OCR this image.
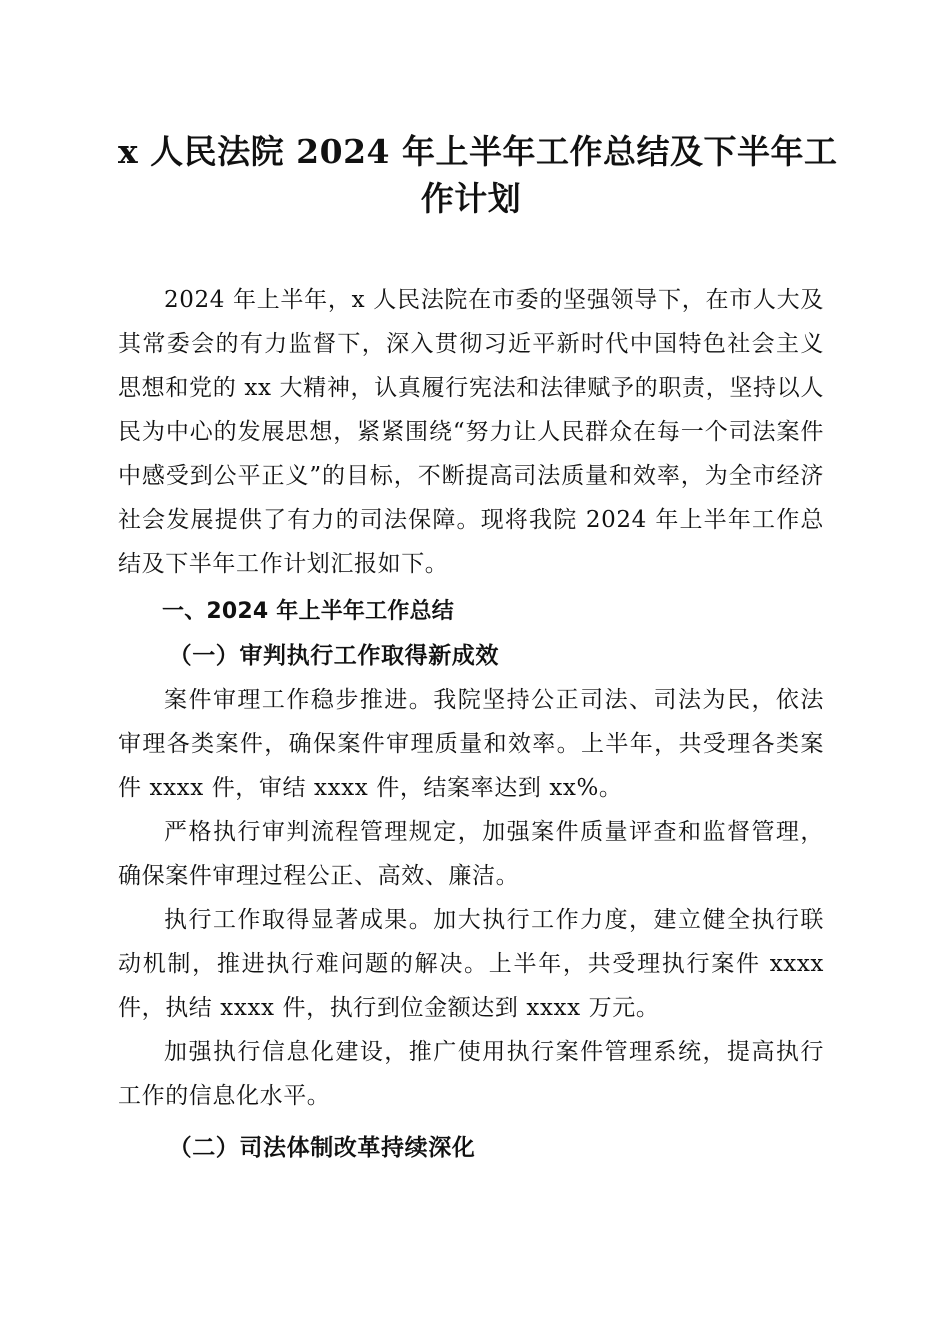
x 人民法院 2024 年上半年工作总结及下半年工
作计划

2024 年上半年，x 人民法院在市委的坚强领导下，在市人大及其常委会的有力监督下，深入贯彻习近平新时代中国特色社会主义思想和党的 xx 大精神，认真履行宪法和法律赋予的职责，坚持以人民为中心的发展思想，紧紧围绕“努力让人民群众在每一个司法案件中感受到公平正义”的目标，不断提高司法质量和效率，为全市经济社会发展提供了有力的司法保障。现将我院 2024 年上半年工作总结及下半年工作计划汇报如下。

一、2024 年上半年工作总结

（一）审判执行工作取得新成效

案件审理工作稳步推进。我院坚持公正司法、司法为民，依法审理各类案件，确保案件审理质量和效率。上半年，共受理各类案件 xxxx 件，审结 xxxx 件，结案率达到 xx%。

严格执行审判流程管理规定，加强案件质量评查和监督管理，确保案件审理过程公正、高效、廉洁。

执行工作取得显著成果。加大执行工作力度，建立健全执行联动机制，推进执行难问题的解决。上半年，共受理执行案件 xxxx 件，执结 xxxx 件，执行到位金额达到 xxxx 万元。

加强执行信息化建设，推广使用执行案件管理系统，提高执行工作的信息化水平。

（二）司法体制改革持续深化
